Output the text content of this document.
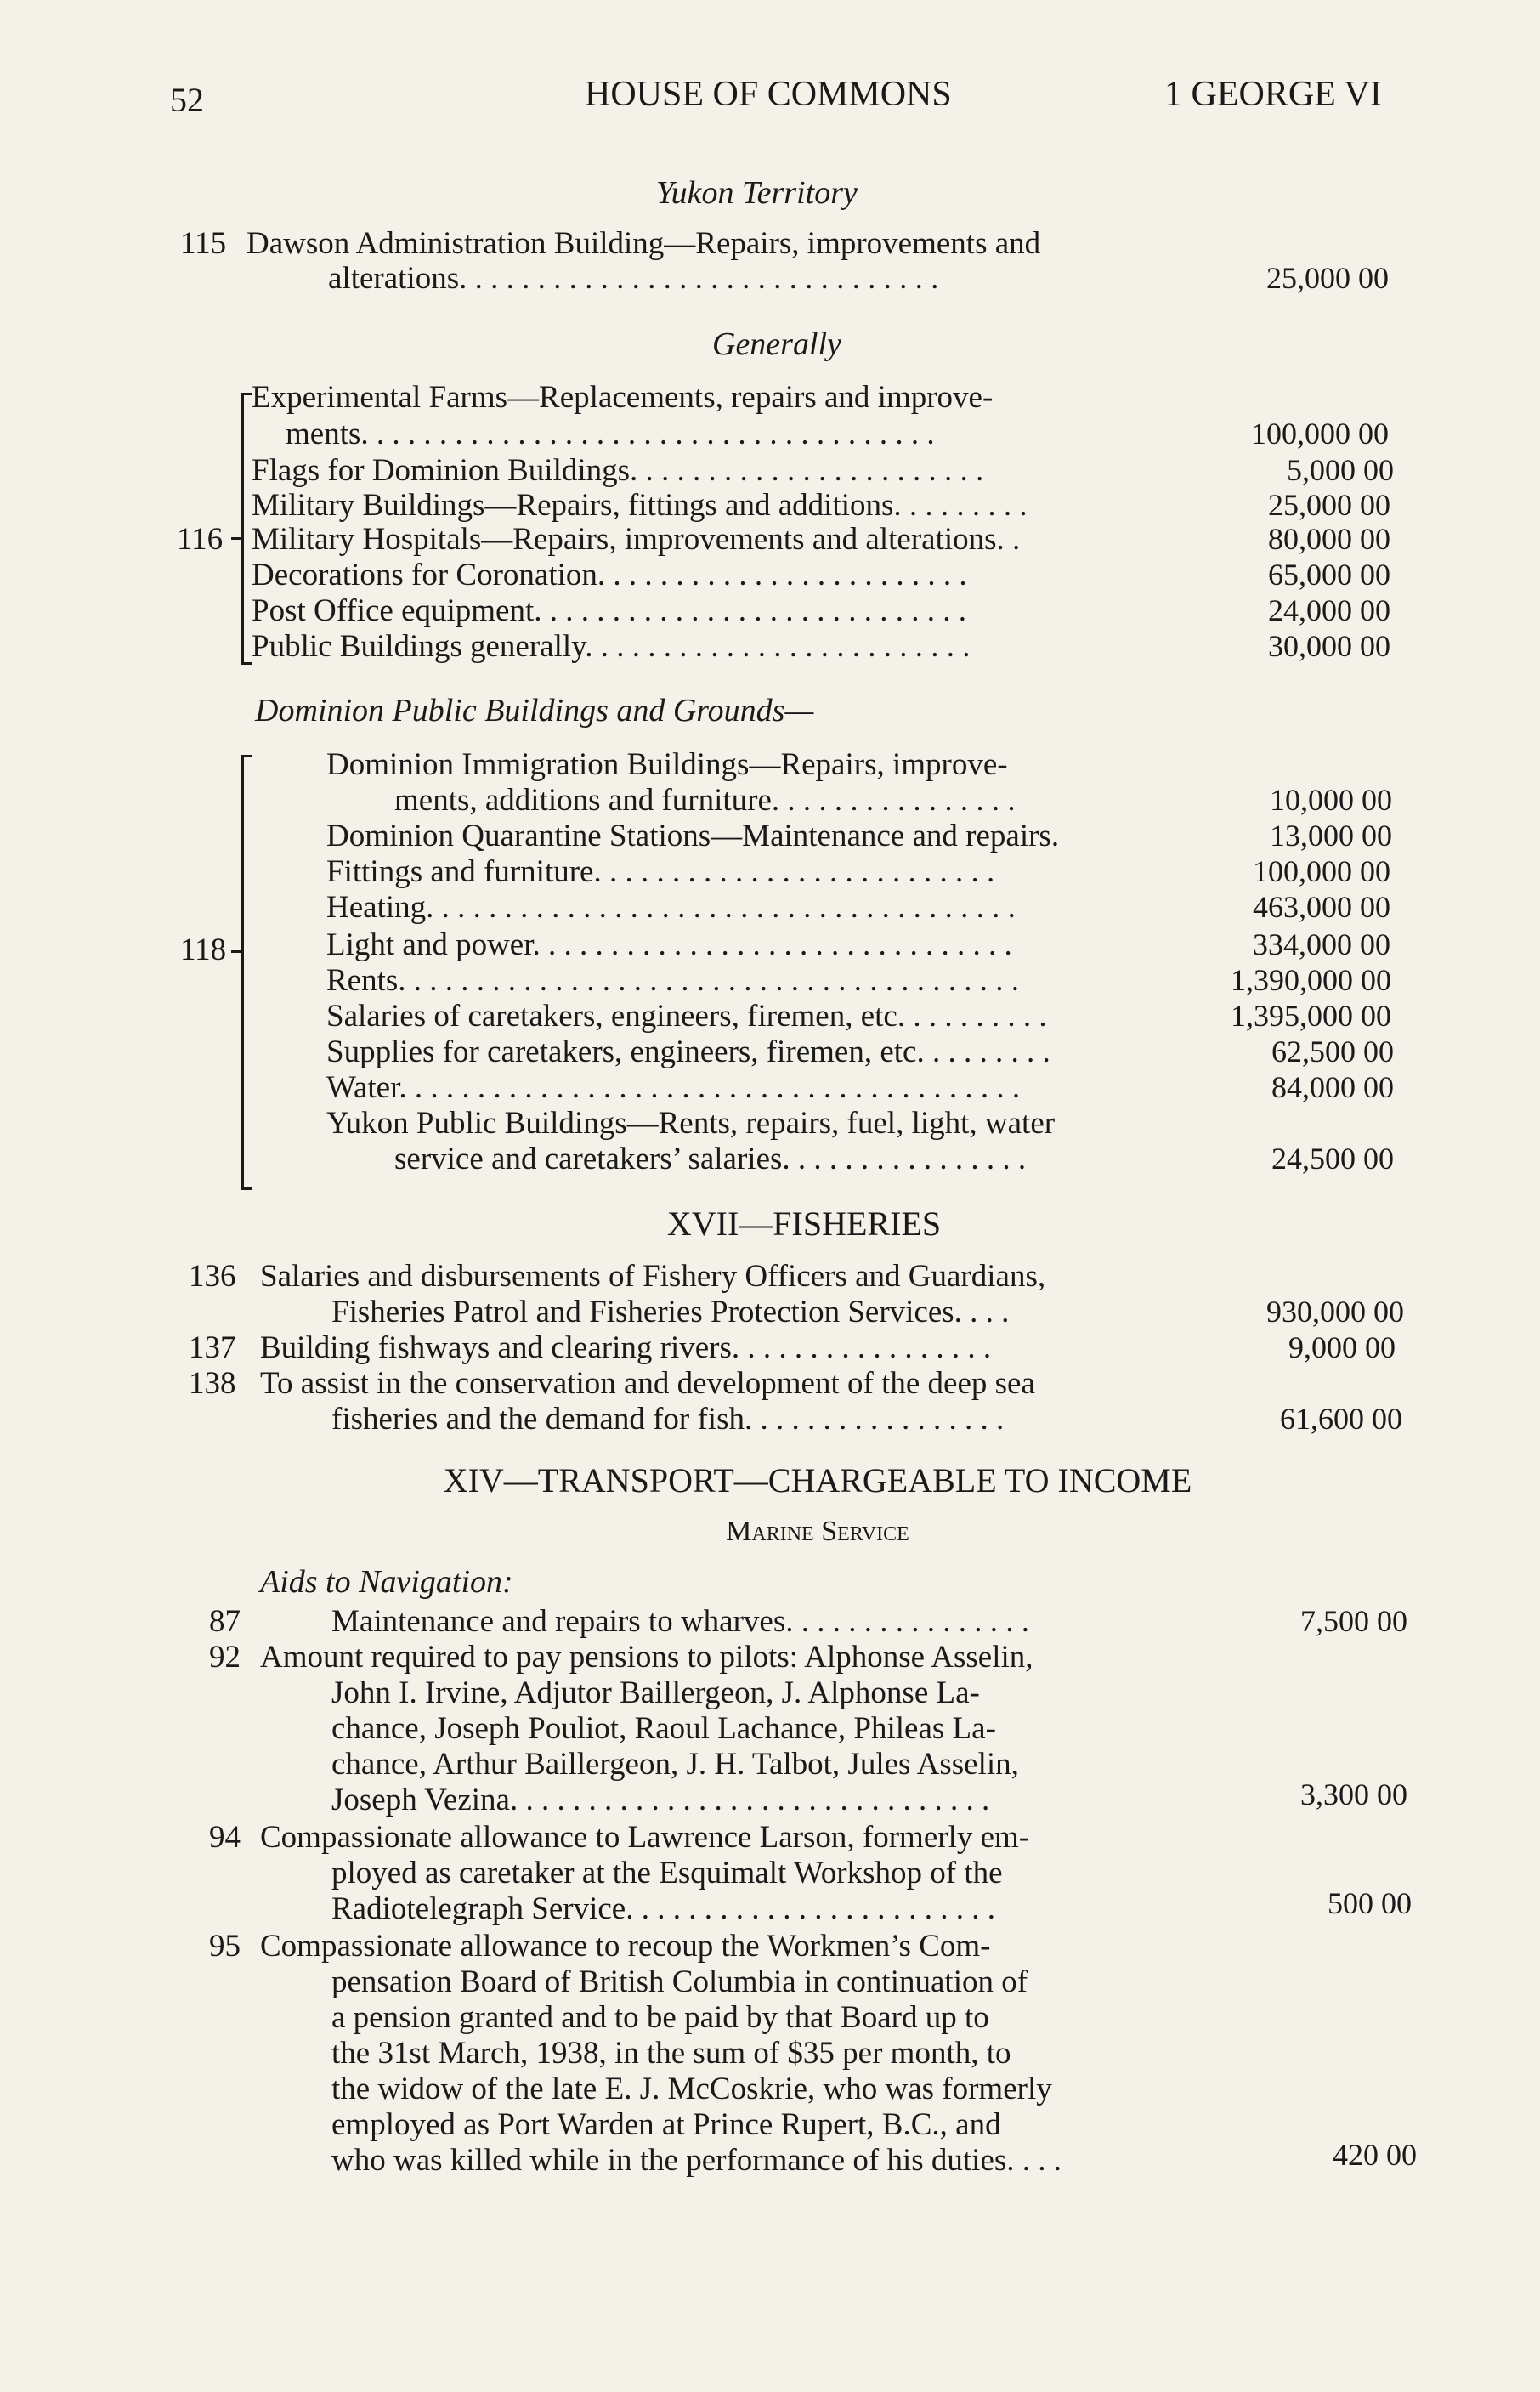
52	HOUSE OF COMMONS	1 GEORGE VI
Yukon Territory
115 Dawson Administration Building—Repairs, improvements and
alterations. . . . . . . . . . . . . . . . . . . . . . . . . . . . . . .	25,000 00
Generally
116
Experimental Farms—Replacements, repairs and improve-
ments. . . . . . . . . . . . . . . . . . . . . . . . . . . . . . . . . . . . .	100,000 00
Flags for Dominion Buildings. . . . . . . . . . . . . . . . . . . . . . .	5,000 00
Military Buildings—Repairs, fittings and additions. . . . . . . . .	25,000 00
Military Hospitals—Repairs, improvements and alterations. .	80,000 00
Decorations for Coronation. . . . . . . . . . . . . . . . . . . . . . . .	65,000 00
Post Office equipment. . . . . . . . . . . . . . . . . . . . . . . . . . . .	24,000 00
Public Buildings generally. . . . . . . . . . . . . . . . . . . . . . . . .	30,000 00
Dominion Public Buildings and Grounds—
118
Dominion Immigration Buildings—Repairs, improve-
ments, additions and furniture. . . . . . . . . . . . . . . .	10,000 00
Dominion Quarantine Stations—Maintenance and repairs.	13,000 00
Fittings and furniture. . . . . . . . . . . . . . . . . . . . . . . . . .	100,000 00
Heating. . . . . . . . . . . . . . . . . . . . . . . . . . . . . . . . . . . . . .	463,000 00
Light and power. . . . . . . . . . . . . . . . . . . . . . . . . . . . . . .	334,000 00
Rents. . . . . . . . . . . . . . . . . . . . . . . . . . . . . . . . . . . . . . . .	1,390,000 00
Salaries of caretakers, engineers, firemen, etc. . . . . . . . . .	1,395,000 00
Supplies for caretakers, engineers, firemen, etc. . . . . . . . .	62,500 00
Water. . . . . . . . . . . . . . . . . . . . . . . . . . . . . . . . . . . . . . . .	84,000 00
Yukon Public Buildings—Rents, repairs, fuel, light, water
service and caretakers’ salaries. . . . . . . . . . . . . . . .	24,500 00
XVII—FISHERIES
136 Salaries and disbursements of Fishery Officers and Guardians,
Fisheries Patrol and Fisheries Protection Services. . . .	930,000 00
137 Building fishways and clearing rivers. . . . . . . . . . . . . . . . .	9,000 00
138 To assist in the conservation and development of the deep sea
fisheries and the demand for fish. . . . . . . . . . . . . . . . .	61,600 00
XIV—TRANSPORT—CHARGEABLE TO INCOME
Marine Service
Aids to Navigation:
87	Maintenance and repairs to wharves. . . . . . . . . . . . . . . .	7,500 00
92 Amount required to pay pensions to pilots: Alphonse Asselin,
John I. Irvine, Adjutor Baillergeon, J. Alphonse La-
chance, Joseph Pouliot, Raoul Lachance, Phileas La-
chance, Arthur Baillergeon, J. H. Talbot, Jules Asselin,
Joseph Vezina. . . . . . . . . . . . . . . . . . . . . . . . . . . . . . .	3,300 00
94 Compassionate allowance to Lawrence Larson, formerly em-
ployed as caretaker at the Esquimalt Workshop of the
Radiotelegraph Service. . . . . . . . . . . . . . . . . . . . . . . .	500 00
95 Compassionate allowance to recoup the Workmen’s Com-
pensation Board of British Columbia in continuation of
a pension granted and to be paid by that Board up to
the 31st March, 1938, in the sum of $35 per month, to
the widow of the late E. J. McCoskrie, who was formerly
employed as Port Warden at Prince Rupert, B.C., and
who was killed while in the performance of his duties. . . .	420 00
